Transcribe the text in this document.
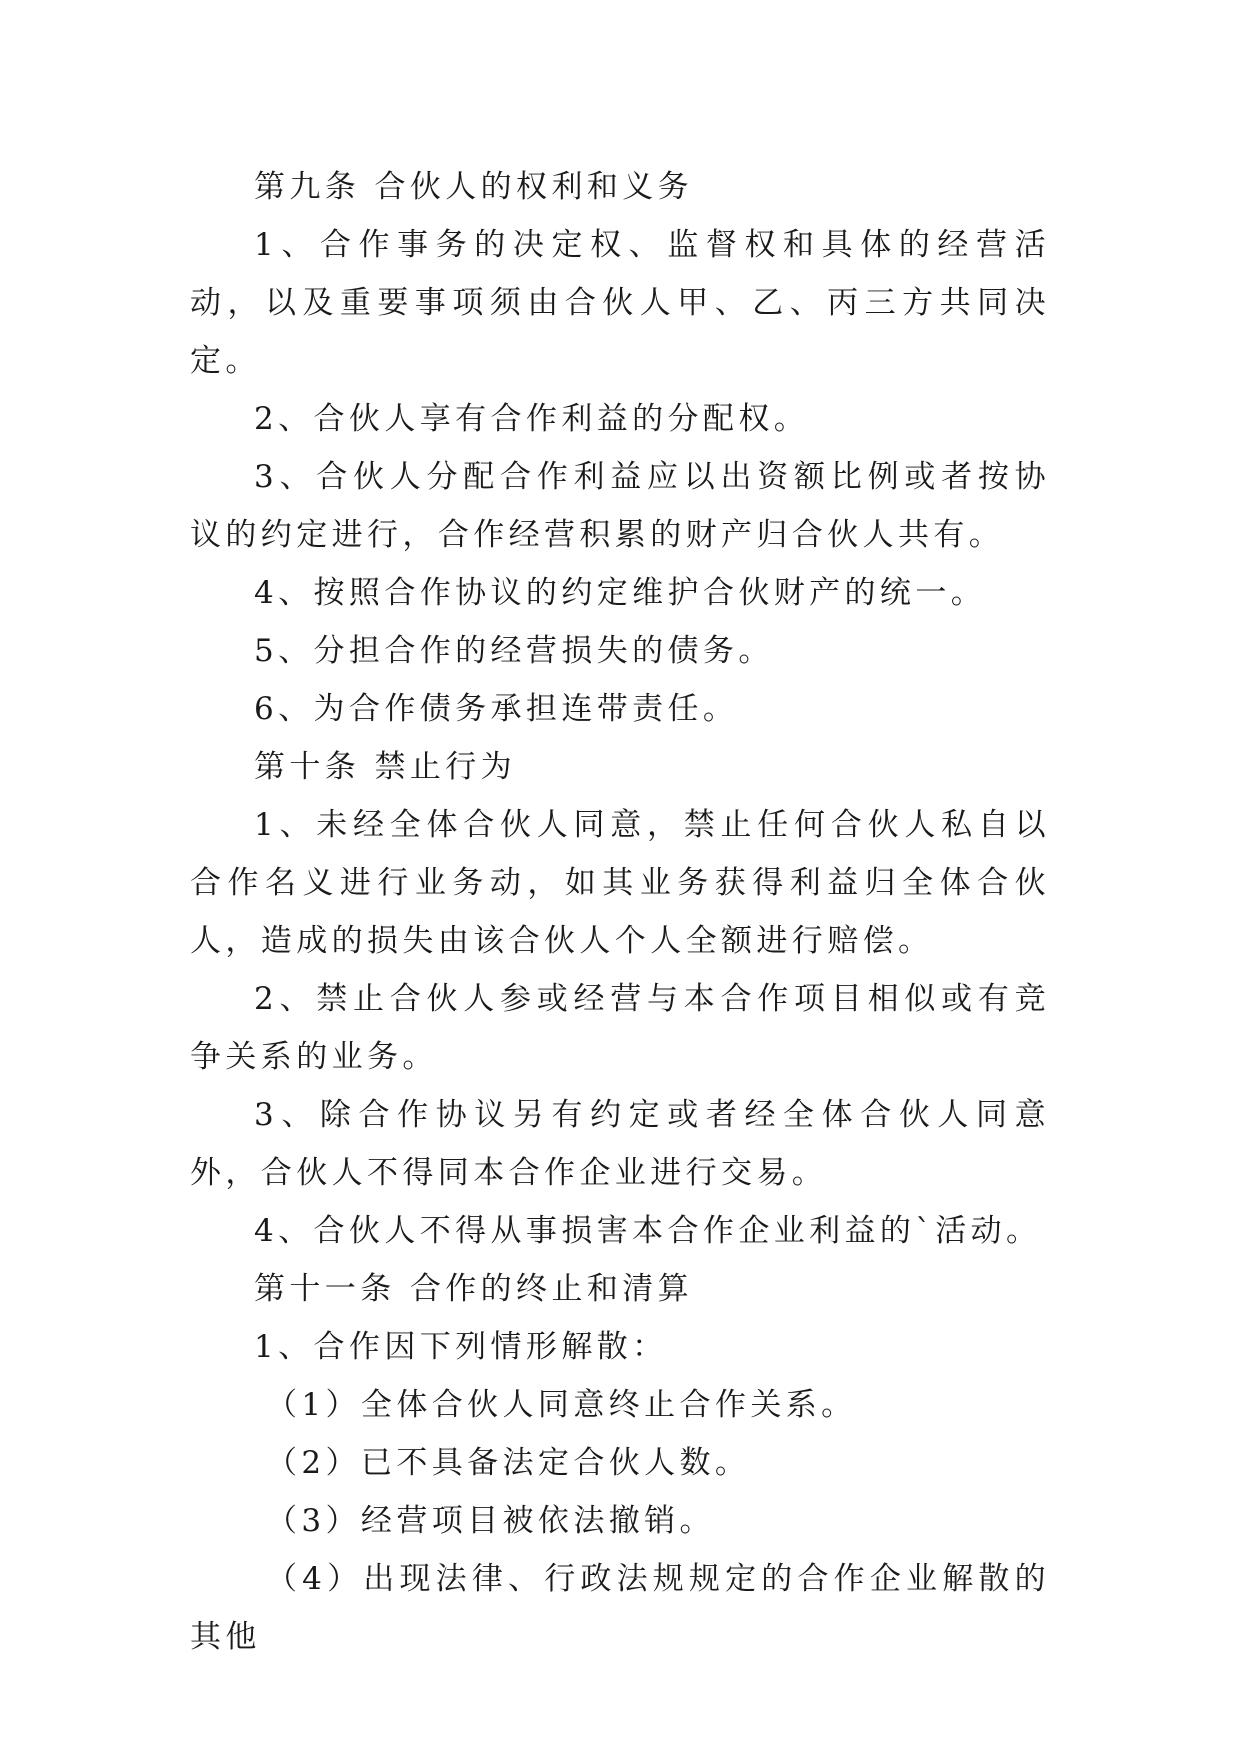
第九条 合伙人的权利和义务

1、合作事务的决定权、监督权和具体的经营活动，以及重要事项须由合伙人甲、乙、丙三方共同决定。

2、合伙人享有合作利益的分配权。

3、合伙人分配合作利益应以出资额比例或者按协议的约定进行，合作经营积累的财产归合伙人共有。

4、按照合作协议的约定维护合伙财产的统一。

5、分担合作的经营损失的债务。

6、为合作债务承担连带责任。

第十条 禁止行为

1、未经全体合伙人同意，禁止任何合伙人私自以合作名义进行业务动，如其业务获得利益归全体合伙人，造成的损失由该合伙人个人全额进行赔偿。

2、禁止合伙人参或经营与本合作项目相似或有竞争关系的业务。

3、除合作协议另有约定或者经全体合伙人同意外，合伙人不得同本合作企业进行交易。

4、合伙人不得从事损害本合作企业利益的`活动。

第十一条 合作的终止和清算

1、合作因下列情形解散：

（1）全体合伙人同意终止合作关系。

（2）已不具备法定合伙人数。

（3）经营项目被依法撤销。

（4）出现法律、行政法规规定的合作企业解散的其他
